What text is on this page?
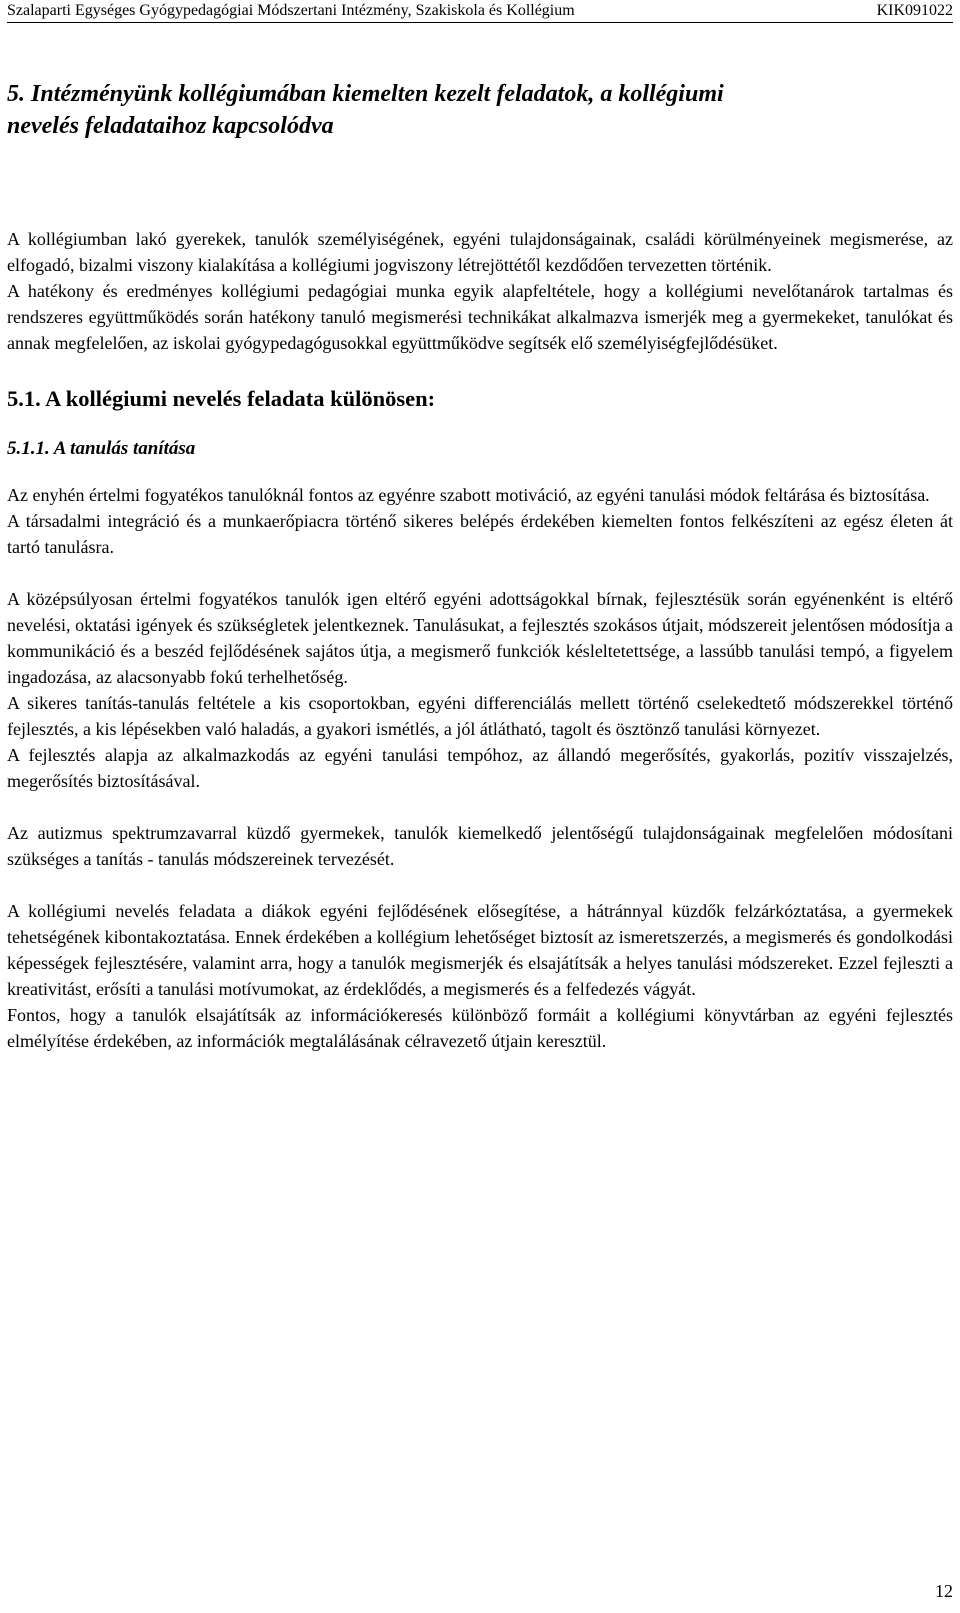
Szalaparti Egységes Gyógypedagógiai Módszertani Intézmény, Szakiskola és Kollégium	KIK091022
5. Intézményünk kollégiumában kiemelten kezelt feladatok, a kollégiumi
nevelés feladataihoz kapcsolódva

A kollégiumban lakó gyerekek, tanulók személyiségének, egyéni tulajdonságainak, családi körülményeinek megismerése, az elfogadó, bizalmi viszony kialakítása a kollégiumi jogviszony létrejöttétől kezdődően tervezetten történik.

A hatékony és eredményes kollégiumi pedagógiai munka egyik alapfeltétele, hogy a kollégiumi nevelőtanárok tartalmas és rendszeres együttműködés során hatékony tanuló megismerési technikákat alkalmazva ismerjék meg a gyermekeket, tanulókat és annak megfelelően, az iskolai gyógypedagógusokkal együttműködve segítsék elő személyiségfejlődésüket.

5.1. A kollégiumi nevelés feladata különösen:
5.1.1. A tanulás tanítása

Az enyhén értelmi fogyatékos tanulóknál fontos az egyénre szabott motiváció, az egyéni tanulási módok feltárása és biztosítása.

A társadalmi integráció és a munkaerőpiacra történő sikeres belépés érdekében kiemelten fontos felkészíteni az egész életen át tartó tanulásra.

A középsúlyosan értelmi fogyatékos tanulók igen eltérő egyéni adottságokkal bírnak, fejlesztésük során egyénenként is eltérő nevelési, oktatási igények és szükségletek jelentkeznek. Tanulásukat, a fejlesztés szokásos útjait, módszereit jelentősen módosítja a kommunikáció és a beszéd fejlődésének sajátos útja, a megismerő funkciók késleltetettsége, a lassúbb tanulási tempó, a figyelem ingadozása, az alacsonyabb fokú terhelhetőség.

A sikeres tanítás-tanulás feltétele a kis csoportokban, egyéni differenciálás mellett történő cselekedtető módszerekkel történő fejlesztés, a kis lépésekben való haladás, a gyakori ismétlés, a jól átlátható, tagolt és ösztönző tanulási környezet.

A fejlesztés alapja az alkalmazkodás az egyéni tanulási tempóhoz, az állandó megerősítés, gyakorlás, pozitív visszajelzés, megerősítés biztosításával.

Az autizmus spektrumzavarral küzdő gyermekek, tanulók kiemelkedő jelentőségű tulajdonságainak megfelelően módosítani szükséges a tanítás - tanulás módszereinek tervezését.

A kollégiumi nevelés feladata a diákok egyéni fejlődésének elősegítése, a hátránnyal küzdők felzárkóztatása, a gyermekek tehetségének kibontakoztatása. Ennek érdekében a kollégium lehetőséget biztosít az ismeretszerzés, a megismerés és gondolkodási képességek fejlesztésére, valamint arra, hogy a tanulók megismerjék és elsajátítsák a helyes tanulási módszereket. Ezzel fejleszti a kreativitást, erősíti a tanulási motívumokat, az érdeklődés, a megismerés és a felfedezés vágyát.

Fontos, hogy a tanulók elsajátítsák az információkeresés különböző formáit a kollégiumi könyvtárban az egyéni fejlesztés elmélyítése érdekében, az információk megtalálásának célravezető útjain keresztül.

12
